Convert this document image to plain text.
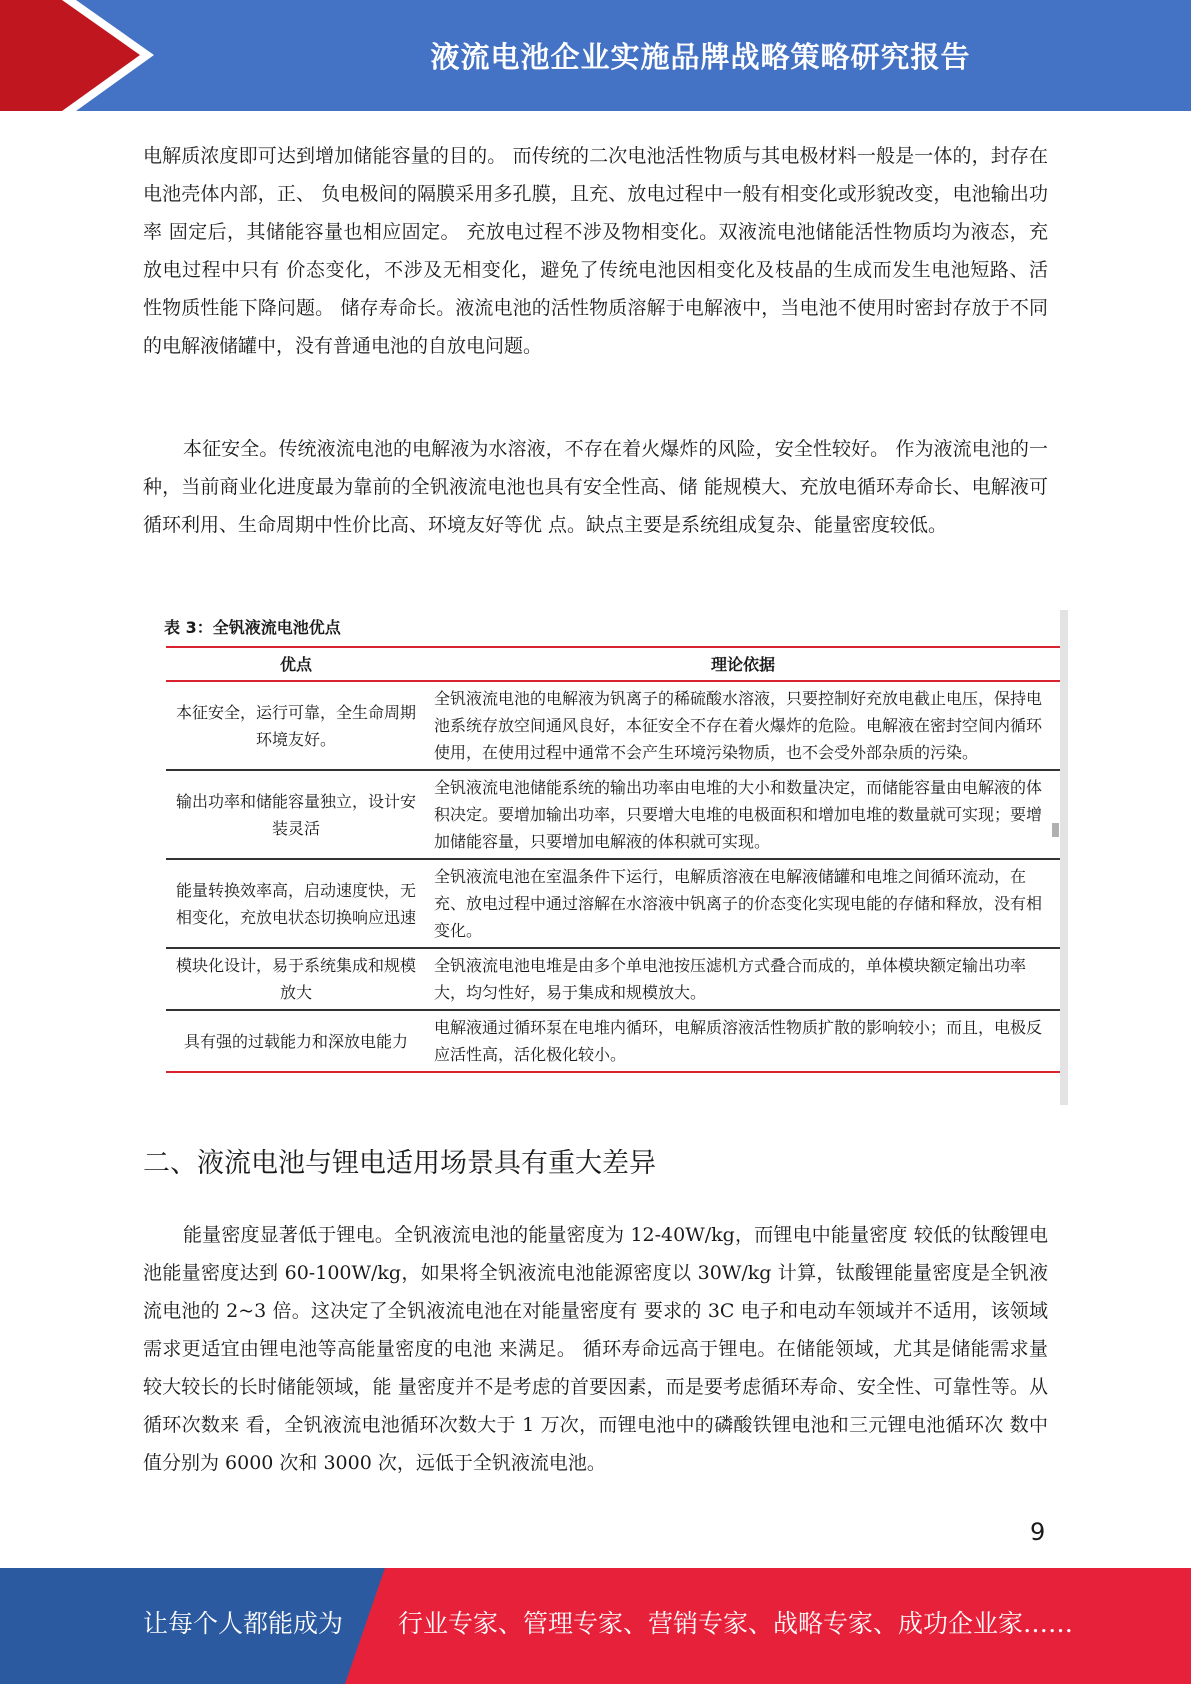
液流电池企业实施品牌战略策略研究报告

电解质浓度即可达到增加储能容量的目的。 而传统的二次电池活性物质与其电极材料一般是一体的，封存在电池壳体内部，正、 负电极间的隔膜采用多孔膜，且充、放电过程中一般有相变化或形貌改变，电池输出功率 固定后，其储能容量也相应固定。 充放电过程不涉及物相变化。双液流电池储能活性物质均为液态，充放电过程中只有 价态变化，不涉及无相变化，避免了传统电池因相变化及枝晶的生成而发生电池短路、活 性物质性能下降问题。 储存寿命长。液流电池的活性物质溶解于电解液中，当电池不使用时密封存放于不同 的电解液储罐中，没有普通电池的自放电问题。

本征安全。传统液流电池的电解液为水溶液，不存在着火爆炸的风险，安全性较好。 作为液流电池的一种，当前商业化进度最为靠前的全钒液流电池也具有安全性高、储 能规模大、充放电循环寿命长、电解液可循环利用、生命周期中性价比高、环境友好等优 点。缺点主要是系统组成复杂、能量密度较低。

表 3：全钒液流电池优点
优点	理论依据
本征安全，运行可靠，全生命周期环境友好。	全钒液流电池的电解液为钒离子的稀硫酸水溶液，只要控制好充放电截止电压，保持电池系统存放空间通风良好，本征安全不存在着火爆炸的危险。电解液在密封空间内循环使用，在使用过程中通常不会产生环境污染物质，也不会受外部杂质的污染。
输出功率和储能容量独立，设计安装灵活	全钒液流电池储能系统的输出功率由电堆的大小和数量决定，而储能容量由电解液的体积决定。要增加输出功率，只要增大电堆的电极面积和增加电堆的数量就可实现；要增加储能容量，只要增加电解液的体积就可实现。
能量转换效率高，启动速度快，无相变化，充放电状态切换响应迅速	全钒液流电池在室温条件下运行，电解质溶液在电解液储罐和电堆之间循环流动，在充、放电过程中通过溶解在水溶液中钒离子的价态变化实现电能的存储和释放，没有相变化。
模块化设计，易于系统集成和规模放大	全钒液流电池电堆是由多个单电池按压滤机方式叠合而成的，单体模块额定输出功率大，均匀性好，易于集成和规模放大。
具有强的过载能力和深放电能力	电解液通过循环泵在电堆内循环，电解质溶液活性物质扩散的影响较小；而且，电极反应活性高，活化极化较小。
二、液流电池与锂电适用场景具有重大差异

能量密度显著低于锂电。全钒液流电池的能量密度为 12-40W/kg，而锂电中能量密度 较低的钛酸锂电池能量密度达到 60-100W/kg，如果将全钒液流电池能源密度以 30W/kg 计算，钛酸锂能量密度是全钒液流电池的 2~3 倍。这决定了全钒液流电池在对能量密度有 要求的 3C 电子和电动车领域并不适用，该领域需求更适宜由锂电池等高能量密度的电池 来满足。 循环寿命远高于锂电。在储能领域，尤其是储能需求量较大较长的长时储能领域，能 量密度并不是考虑的首要因素，而是要考虑循环寿命、安全性、可靠性等。从循环次数来 看，全钒液流电池循环次数大于 1 万次，而锂电池中的磷酸铁锂电池和三元锂电池循环次 数中值分别为 6000 次和 3000 次，远低于全钒液流电池。

9
让每个人都能成为 行业专家、管理专家、营销专家、战略专家、成功企业家……
